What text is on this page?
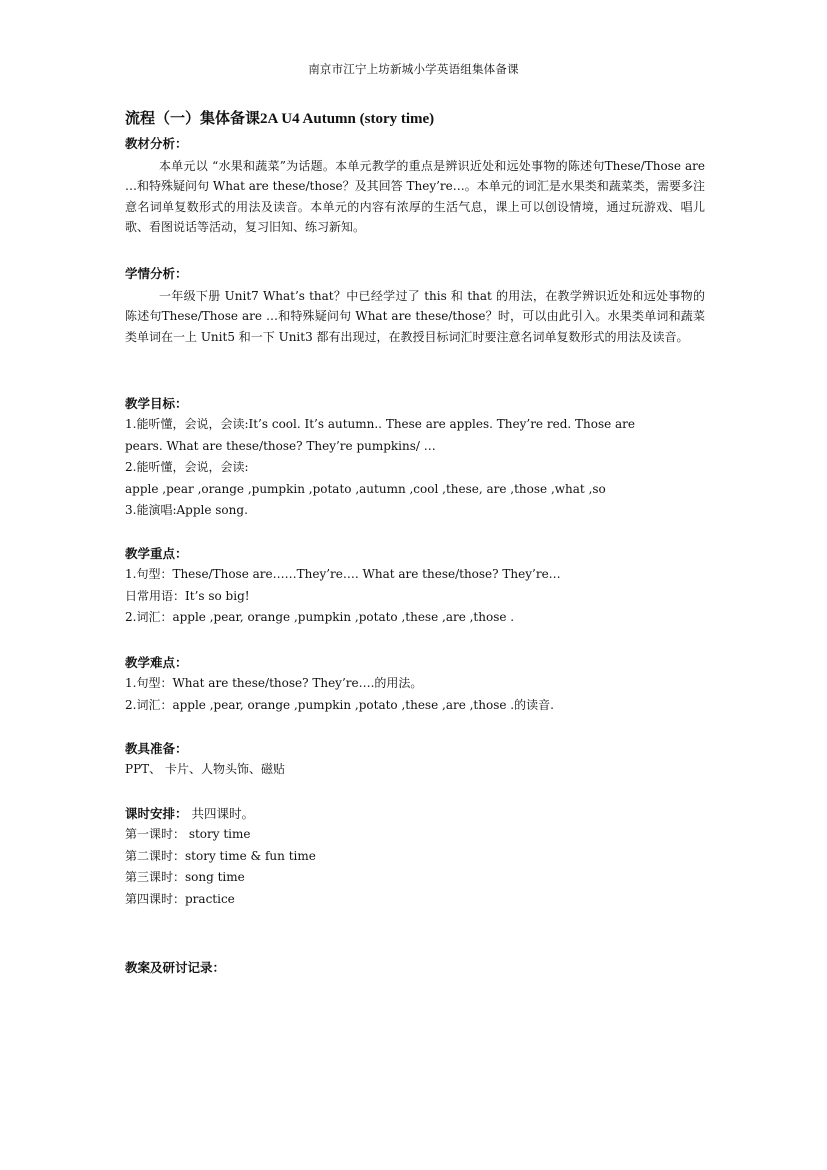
南京市江宁上坊新城小学英语组集体备课
流程（一）集体备课2A U4 Autumn (story time)
教材分析：
本单元以 “水果和蔬菜”为话题。本单元教学的重点是辨识近处和远处事物的陈述句These/Those are …和特殊疑问句 What are these/those？及其回答 They’re…。本单元的词汇是水果类和蔬菜类，需要多注意名词单复数形式的用法及读音。本单元的内容有浓厚的生活气息，课上可以创设情境，通过玩游戏、唱儿歌、看图说话等活动，复习旧知、练习新知。
学情分析：
一年级下册 Unit7 What’s that？中已经学过了 this 和 that 的用法，在教学辨识近处和远处事物的陈述句These/Those are …和特殊疑问句 What are these/those？时，可以由此引入。水果类单词和蔬菜类单词在一上 Unit5 和一下 Unit3 都有出现过，在教授目标词汇时要注意名词单复数形式的用法及读音。
教学目标：
1.能听懂，会说，会读:It’s cool. It’s autumn.. These are apples. They’re red. Those are
pears. What are these/those? They’re pumpkins/ …
2.能听懂，会说，会读:
apple ,pear ,orange ,pumpkin ,potato ,autumn ,cool ,these, are ,those ,what ,so
3.能演唱:Apple song.
教学重点：
1.句型：These/Those are……They’re…. What are these/those? They’re…
日常用语：It’s so big!
2.词汇：apple ,pear, orange ,pumpkin ,potato ,these ,are ,those .
教学难点：
1.句型：What are these/those? They’re….的用法。
2.词汇：apple ,pear, orange ,pumpkin ,potato ,these ,are ,those .的读音.
教具准备：
PPT、 卡片、人物头饰、磁贴
课时安排： 共四课时。
第一课时： story time
第二课时：story time & fun time
第三课时：song time
第四课时：practice
教案及研讨记录：
